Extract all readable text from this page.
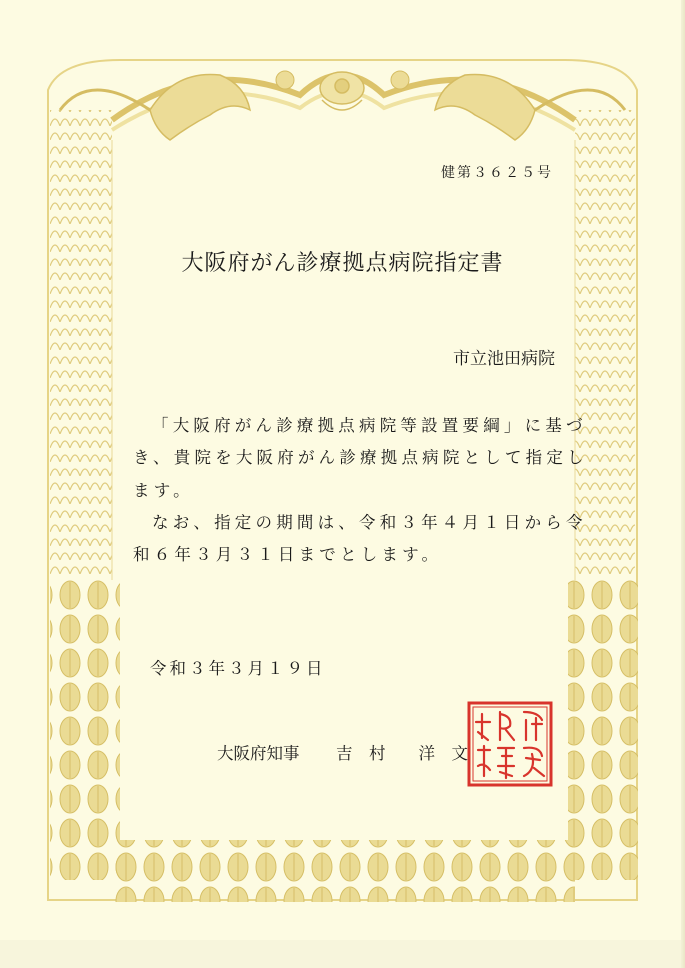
健第３６２５号
大阪府がん診療拠点病院指定書
市立池田病院
「大阪府がん診療拠点病院等設置要綱」に基づ
き、貴院を大阪府がん診療拠点病院として指定し
ます。
なお、指定の期間は、令和３年４月１日から令
和６年３月３１日までとします。
令和３年３月１９日
大阪府知事 吉　村　　洋　文
